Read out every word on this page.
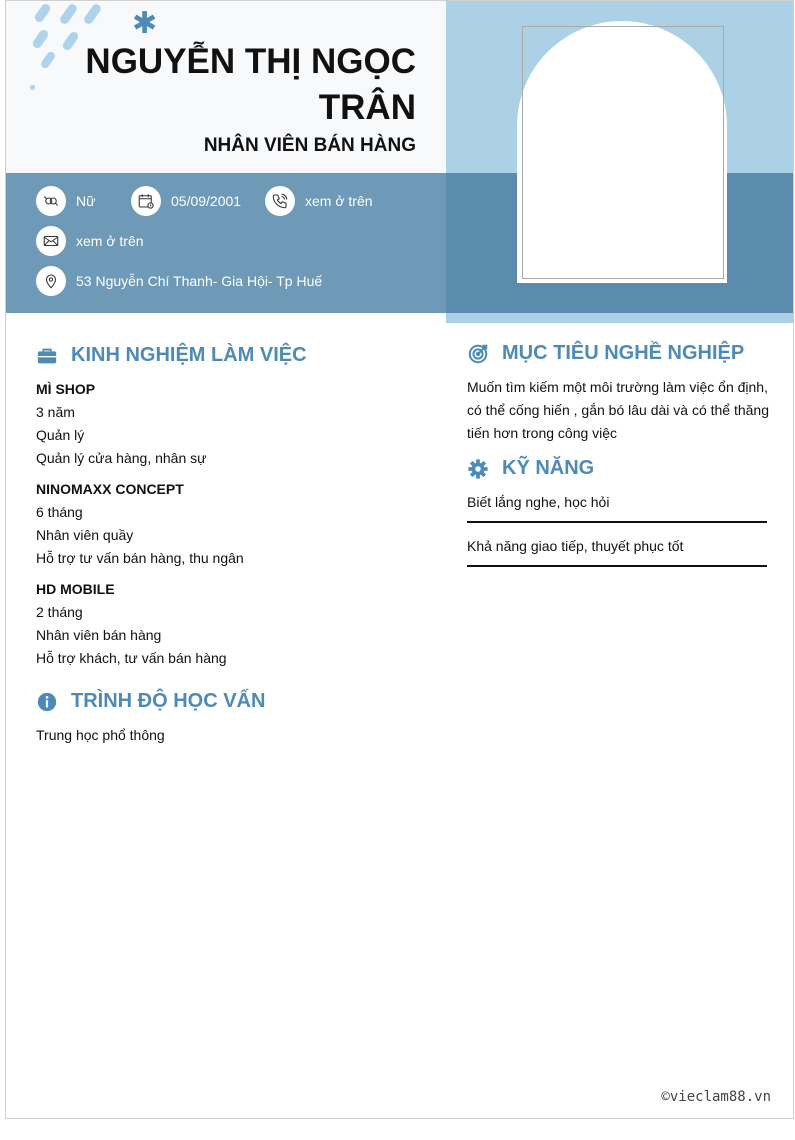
✱
NGUYỄN THỊ NGỌC
TRÂN
NHÂN VIÊN BÁN HÀNG
Nữ	05/09/2001	xem ở trên
xem ở trên
53 Nguyễn Chí Thanh- Gia Hội- Tp Huế
KINH NGHIỆM LÀM VIỆC
MÌ SHOP
3 năm
Quản lý
Quản lý cửa hàng, nhân sự
NINOMAXX CONCEPT
6 tháng
Nhân viên quầy
Hỗ trợ tư vấn bán hàng, thu ngân
HD MOBILE
2 tháng
Nhân viên bán hàng
Hỗ trợ khách, tư vấn bán hàng
TRÌNH ĐỘ HỌC VẤN
Trung học phổ thông
MỤC TIÊU NGHỀ NGHIỆP
Muốn tìm kiếm một môi trường làm việc ổn định,
có thể cống hiến , gắn bó lâu dài và có thể thăng
tiến hơn trong công việc
KỸ NĂNG
Biết lắng nghe, học hỏi
Khả năng giao tiếp, thuyết phục tốt
©vieclam88.vn
